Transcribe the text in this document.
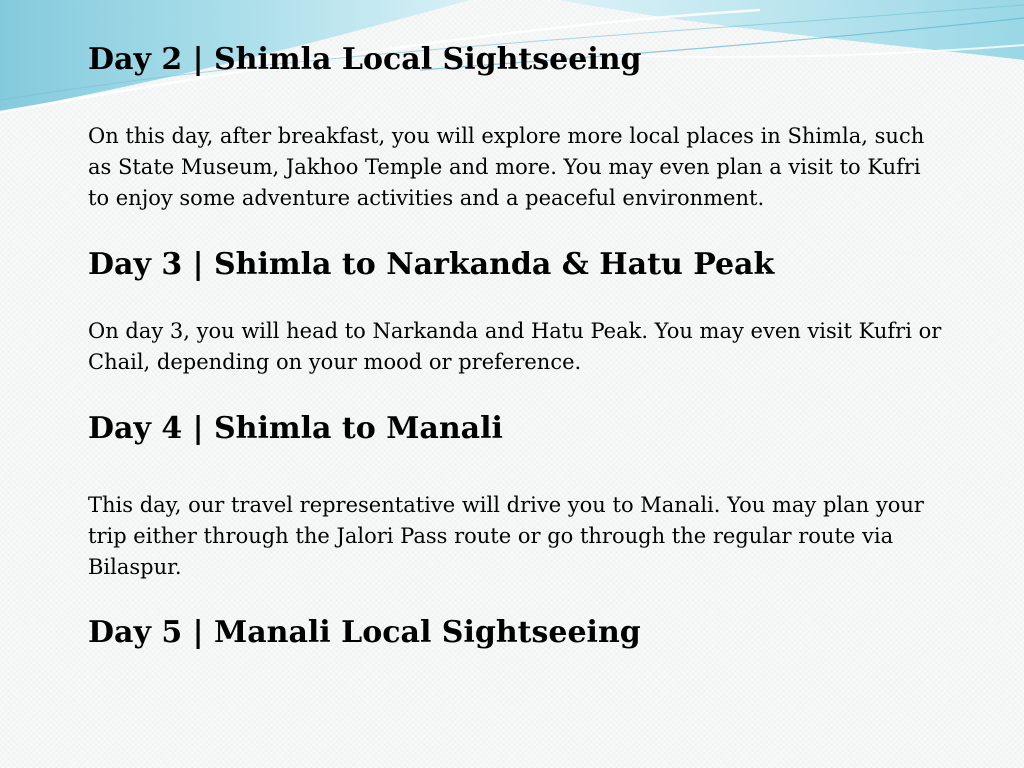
Day 2 | Shimla Local Sightseeing

On this day, after breakfast, you will explore more local places in Shimla, such as State Museum, Jakhoo Temple and more. You may even plan a visit to Kufri to enjoy some adventure activities and a peaceful environment.

Day 3 | Shimla to Narkanda & Hatu Peak

On day 3, you will head to Narkanda and Hatu Peak. You may even visit Kufri or Chail, depending on your mood or preference.

Day 4 | Shimla to Manali

This day, our travel representative will drive you to Manali. You may plan your trip either through the Jalori Pass route or go through the regular route via Bilaspur.

Day 5 | Manali Local Sightseeing
